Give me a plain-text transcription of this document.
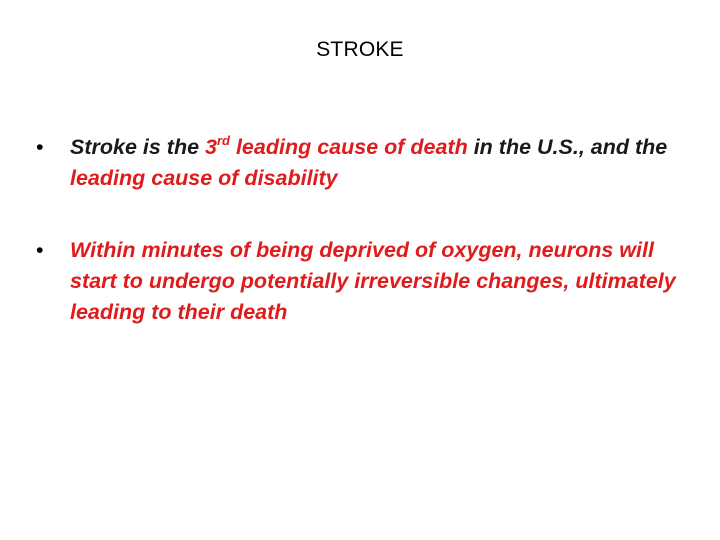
STROKE
• Stroke is the 3rd leading cause of death in the U.S., and the leading cause of disability
• Within minutes of being deprived of oxygen, neurons will start to undergo potentially irreversible changes, ultimately leading to their death
